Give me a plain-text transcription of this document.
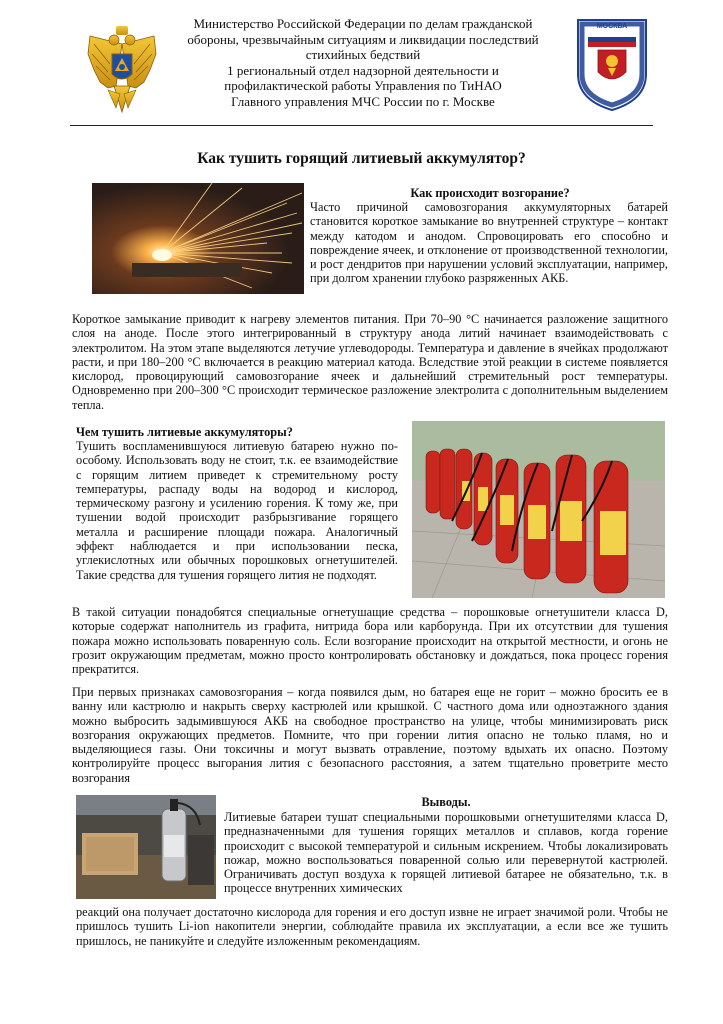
Министерство Российской Федерации по делам гражданской
обороны, чрезвычайным ситуациям и ликвидации последствий
стихийных бедствий
1 региональный отдел надзорной деятельности и
профилактической работы Управления по ТиНАО
Главного управления МЧС России по г. Москве
МОСКВА
Как тушить горящий литиевый аккумулятор?
Как происходит возгорание?
Часто причиной самовозгорания аккумуляторных батарей становится короткое замыкание во внутренней структуре – контакт между катодом и анодом. Спровоцировать его способно и повреждение ячеек, и отклонение от производственной технологии, и рост дендритов при нарушении условий эксплуатации, например, при долгом хранении глубоко разряженных АКБ.
Короткое замыкание приводит к нагреву элементов питания. При 70–90 °С начинается разложение защитного слоя на аноде. После этого интегрированный в структуру анода литий начинает взаимодействовать с электролитом. На этом этапе выделяются летучие углеводороды. Температура и давление в ячейках продолжают расти, и при 180–200 °С включается в реакцию материал катода. Вследствие этой реакции в системе появляется кислород, провоцирующий самовозгорание ячеек и дальнейший стремительный рост температуры. Одновременно при 200–300 °С происходит термическое разложение электролита с дополнительным выделением тепла.
Чем тушить литиевые аккумуляторы?
Тушить воспламенившуюся литиевую батарею нужно по-особому. Использовать воду не стоит, т.к. ее взаимодействие с горящим литием приведет к стремительному росту температуры, распаду воды на водород и кислород, термическому разгону и усилению горения. К тому же, при тушении водой происходит разбрызгивание горящего металла и расширение площади пожара. Аналогичный эффект наблюдается и при использовании песка, углекислотных или обычных порошковых огнетушителей. Такие средства для тушения горящего лития не подходят.
В такой ситуации понадобятся специальные огнетушащие средства – порошковые огнетушители класса D, которые содержат наполнитель из графита, нитрида бора или карборунда. При их отсутствии для тушения пожара можно использовать поваренную соль. Если возгорание происходит на открытой местности, и огонь не грозит окружающим предметам, можно просто контролировать обстановку и дождаться, пока процесс горения прекратится.
При первых признаках самовозгорания – когда появился дым, но батарея еще не горит – можно бросить ее в ванну или кастрюлю и накрыть сверху кастрюлей или крышкой. С частного дома или одноэтажного здания можно выбросить задымившуюся АКБ на свободное пространство на улице, чтобы минимизировать риск возгорания окружающих предметов. Помните, что при горении лития опасно не только пламя, но и выделяющиеся газы. Они токсичны и могут вызвать отравление, поэтому вдыхать их опасно. Поэтому контролируйте процесс выгорания лития с безопасного расстояния, а затем тщательно проветрите место возгорания
Выводы.
Литиевые батареи тушат специальными порошковыми огнетушителями класса D, предназначенными для тушения горящих металлов и сплавов, когда горение происходит с высокой температурой и сильным искрением. Чтобы локализировать пожар, можно воспользоваться поваренной солью или перевернутой кастрюлей. Ограничивать доступ воздуха к горящей литиевой батарее не обязательно, т.к. в процессе внутренних химических
реакций она получает достаточно кислорода для горения и его доступ извне не играет значимой роли. Чтобы не пришлось тушить Li-ion накопители энергии, соблюдайте правила их эксплуатации, а если все же тушить пришлось, не паникуйте и следуйте изложенным рекомендациям.
